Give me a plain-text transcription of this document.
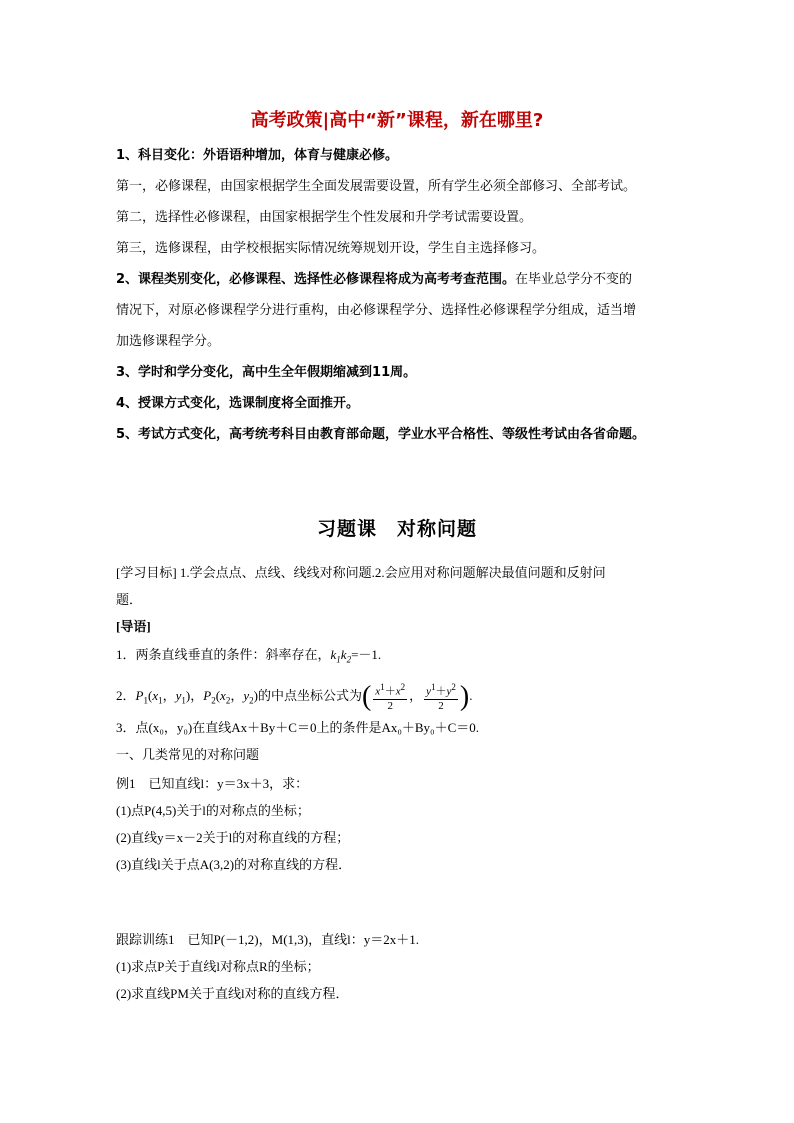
高考政策|高中“新”课程，新在哪里?
1、科目变化：外语语种增加，体育与健康必修。
第一，必修课程，由国家根据学生全面发展需要设置，所有学生必须全部修习、全部考试。
第二，选择性必修课程，由国家根据学生个性发展和升学考试需要设置。
第三，选修课程，由学校根据实际情况统筹规划开设，学生自主选择修习。
2、课程类别变化，必修课程、选择性必修课程将成为高考考查范围。在毕业总学分不变的
情况下，对原必修课程学分进行重构，由必修课程学分、选择性必修课程学分组成，适当增
加选修课程学分。
3、学时和学分变化，高中生全年假期缩减到11周。
4、授课方式变化，选课制度将全面推开。
5、考试方式变化，高考统考科目由教育部命题，学业水平合格性、等级性考试由各省命题。
习题课　对称问题
[学习目标] 1.学会点点、点线、线线对称问题.2.会应用对称问题解决最值问题和反射问
题．
[导语]
1．两条直线垂直的条件：斜率存在，$k_1k_2=-1$.
2．$P_1(x_1$，$y_1$)，$P_2(x_2$，$y_2$)的中点坐标公式为( $\frac{x^1+x^2}{2}$ ， $\frac{y^1+y^2}{2}$ ).
3．点(x₀，y₀)在直线Ax＋By＋C＝0上的条件是Ax₀＋By₀＋C＝0.
一、几类常见的对称问题
例1　已知直线l：y＝3x＋3，求：
(1)点P(4,5)关于l的对称点的坐标；
(2)直线y＝x－2关于l的对称直线的方程；
(3)直线l关于点A(3,2)的对称直线的方程．
跟踪训练1　已知P(－1,2)，M(1,3)，直线l：y＝2x＋1.
(1)求点P关于直线l对称点R的坐标；
(2)求直线PM关于直线l对称的直线方程．
